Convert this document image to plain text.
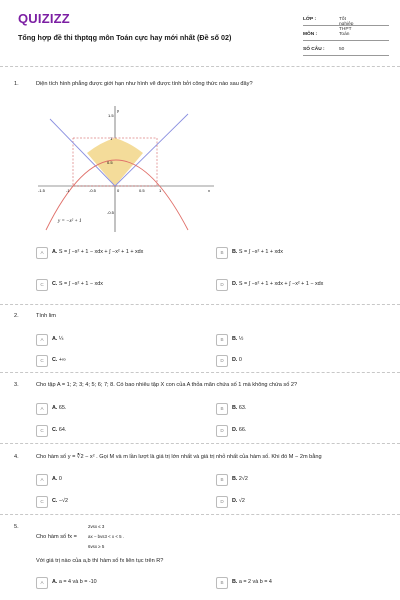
QUIZIZZ
Tổng hợp đề thi thptqg môn Toán cực hay mới nhất (Đề số 02)
LỚP :	Tốt nghiệp THPT
MÔN :	Toán
SỐ CÂU :	50
1.	Diện tích hình phẳng được giới hạn như hình vẽ được tính bởi công thức nào sau đây?
-1.5	-1	-0.5	0	0.5	1
1.5
1
0.5
-0.5
x
y
y = −x² + 1
A	A. S = ∫ −x² + 1 − xdx + ∫ −x² + 1 + xdx	B	B. S = ∫ −x² + 1 + xdx
C	C. S = ∫ −x² + 1 − xdx	D	D. S = ∫ −x² + 1 + xdx + ∫ −x² + 1 − xdx
2.	Tính lim
A	A. ¼	B	B. ½
C	C. +∞	D	D. 0
3.	Cho tập A = 1; 2; 3; 4; 5; 6; 7; 8. Có bao nhiêu tập X con của A thỏa mãn chứa số 1 mà không chứa số 2?
A	A. 65.	B	B. 63.
C	C. 64.	D	D. 66.
4.	Cho hàm số y = ∛2 − x² . Gọi M và m lần lượt là giá trị lớn nhất và giá trị nhỏ nhất của hàm số. Khi đó M − 2m bằng
A	A. 0	B	B. 2√2
C	C. −√2	D	D. √2
5.
Cho hàm số fx =
2vsx ≤ 3
ax − bvs3 < x < 5 .
6vsx ≥ 5
Với giá trị nào của a,b thì hàm số fx liên tục trên R?
A	A. a = 4 và b = -10	B	B. a = 2 và b = 4
